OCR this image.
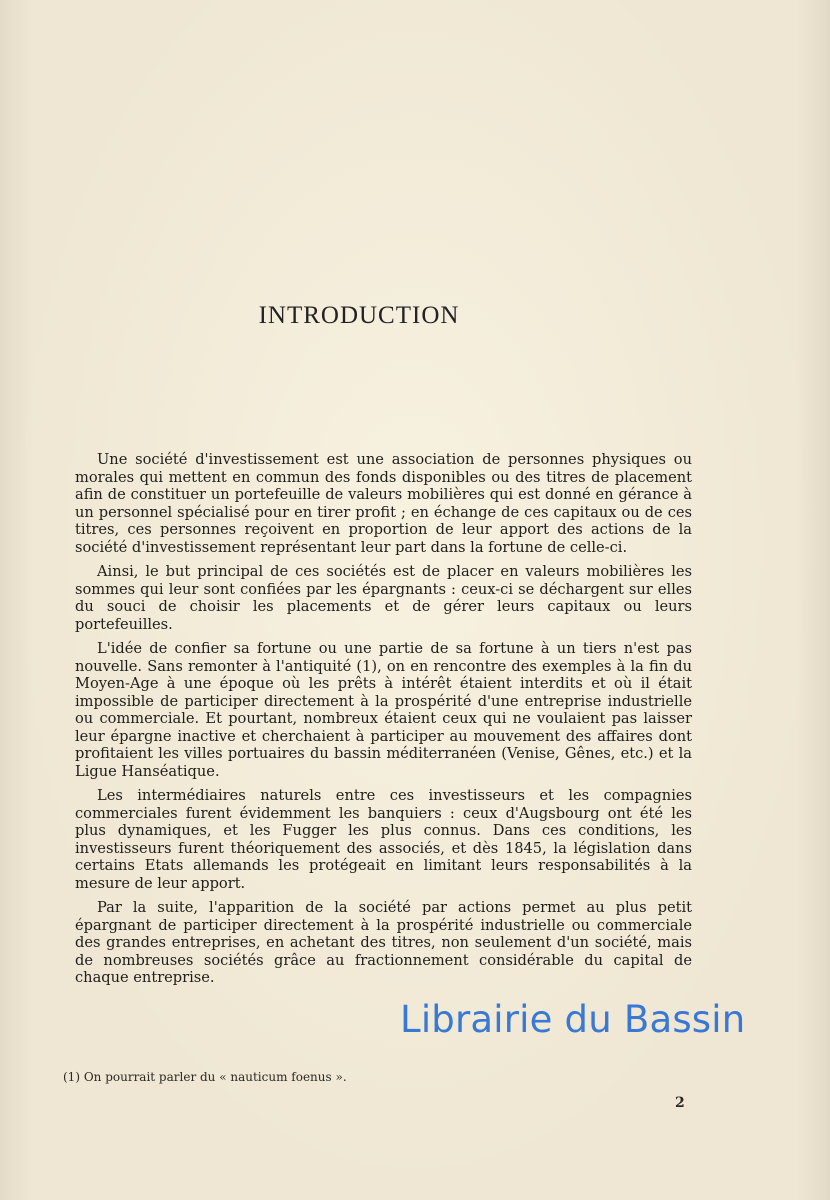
INTRODUCTION

Une société d'investissement est une association de personnes physiques ou morales qui mettent en commun des fonds disponibles ou des titres de placement afin de constituer un portefeuille de valeurs mobilières qui est donné en gérance à un personnel spécialisé pour en tirer profit ; en échange de ces capitaux ou de ces titres, ces personnes reçoivent en proportion de leur apport des actions de la société d'investissement représentant leur part dans la fortune de celle-ci.

Ainsi, le but principal de ces sociétés est de placer en valeurs mobilières les sommes qui leur sont confiées par les épargnants : ceux-ci se déchargent sur elles du souci de choisir les placements et de gérer leurs capitaux ou leurs portefeuilles.

L'idée de confier sa fortune ou une partie de sa fortune à un tiers n'est pas nouvelle. Sans remonter à l'antiquité (1), on en rencontre des exemples à la fin du Moyen-Age à une époque où les prêts à intérêt étaient interdits et où il était impossible de participer directement à la prospérité d'une entreprise industrielle ou commerciale. Et pourtant, nombreux étaient ceux qui ne voulaient pas laisser leur épargne inactive et cherchaient à participer au mouvement des affaires dont profitaient les villes portuaires du bassin méditerranéen (Venise, Gênes, etc.) et la Ligue Hanséatique.

Les intermédiaires naturels entre ces investisseurs et les compagnies commerciales furent évidemment les banquiers : ceux d'Augsbourg ont été les plus dynamiques, et les Fugger les plus connus. Dans ces conditions, les investisseurs furent théoriquement des associés, et dès 1845, la législation dans certains Etats allemands les protégeait en limitant leurs responsabilités à la mesure de leur apport.

Par la suite, l'apparition de la société par actions permet au plus petit épargnant de participer directement à la prospérité industrielle ou commerciale des grandes entreprises, en achetant des titres, non seulement d'un société, mais de nombreuses sociétés grâce au fractionnement considérable du capital de chaque entreprise.

(1) On pourrait parler du « nauticum foenus ».
2
Librairie du Bassin
